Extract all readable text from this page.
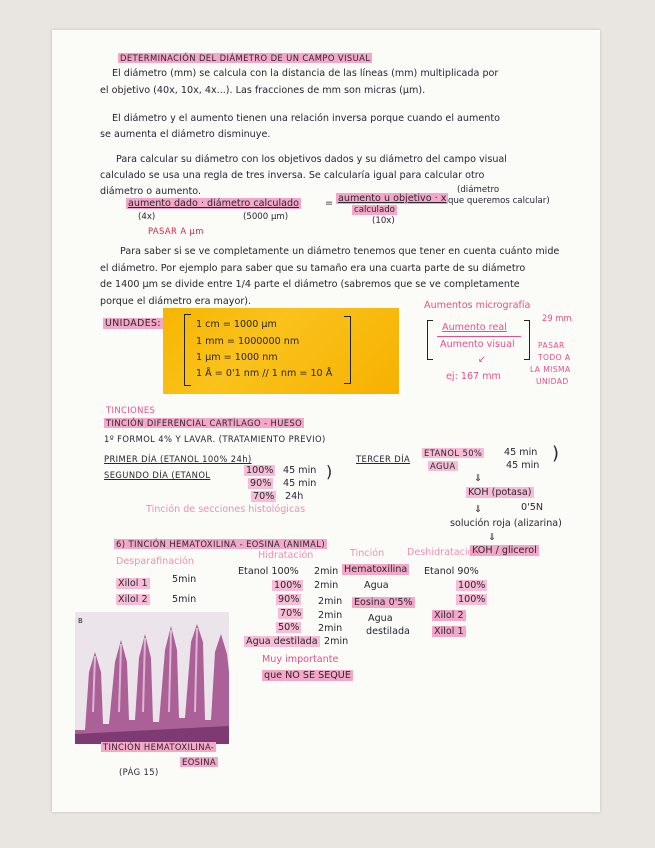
DETERMINACIÓN DEL DIÁMETRO DE UN CAMPO VISUAL
El diámetro (mm) se calcula con la distancia de las líneas (mm) multiplicada por
el objetivo (40x, 10x, 4x...). Las fracciones de mm son micras (µm).
El diámetro y el aumento tienen una relación inversa porque cuando el aumento
se aumenta el diámetro disminuye.
Para calcular su diámetro con los objetivos dados y su diámetro del campo visual
calculado se usa una regla de tres inversa. Se calcularía igual para calcular otro
diámetro o aumento.
aumento dado · diámetro calculado	= aumento u objetivo · x
calculado
(diámetro
que queremos calcular)
(4x)	(5000 µm)	(10x)
PASAR A µm
Para saber si se ve completamente un diámetro tenemos que tener en cuenta cuánto mide
el diámetro. Por ejemplo para saber que su tamaño era una cuarta parte de su diámetro
de 1400 µm se divide entre 1/4 parte el diámetro (sabremos que se ve completamente
porque el diámetro era mayor).
UNIDADES:	1 cm = 1000 µm
1 mm = 1000000 nm
1 µm = 1000 nm
1 Å = 0'1 nm // 1 nm = 10 Å
Aumentos micrografía
29 mm
Aumento real
Aumento visual
↙
ej: 167 mm
PASAR
TODO A
LA MISMA
UNIDAD
TINCIONES
TINCIÓN DIFERENCIAL CARTÍLAGO - HUESO
1º FORMOL 4% Y LAVAR. (TRATAMIENTO PREVIO)
PRIMER DÍA (ETANOL 100% 24h)
SEGUNDO DÍA (ETANOL	100% 45 min
90% 45 min
70% 24h
)
TERCER DÍA
ETANOL 50% 45 min
AGUA	45 min
)
⇓
KOH (potasa)
0'5N
⇓
solución roja (alizarina)
⇓
KOH / glicerol
Tinción de secciones histológicas
6) TINCIÓN HEMATOXILINA - EOSINA (ANIMAL)
Desparafinación
Hidratación	Tinción Deshidratación
Xilol 1	5min
Xilol 2	5min
Etanol 100% 2min
100% 2min
90% 2min
70% 2min
50% 2min
Agua destilada 2min
Hematoxilina
Agua
Eosina 0'5%
Agua
destilada
Etanol 90%
100%
100%
Xilol 2
Xilol 1
Muy importante
que NO SE SEQUE
B
TINCIÓN HEMATOXILINA-
EOSINA
(PÁG 15)
